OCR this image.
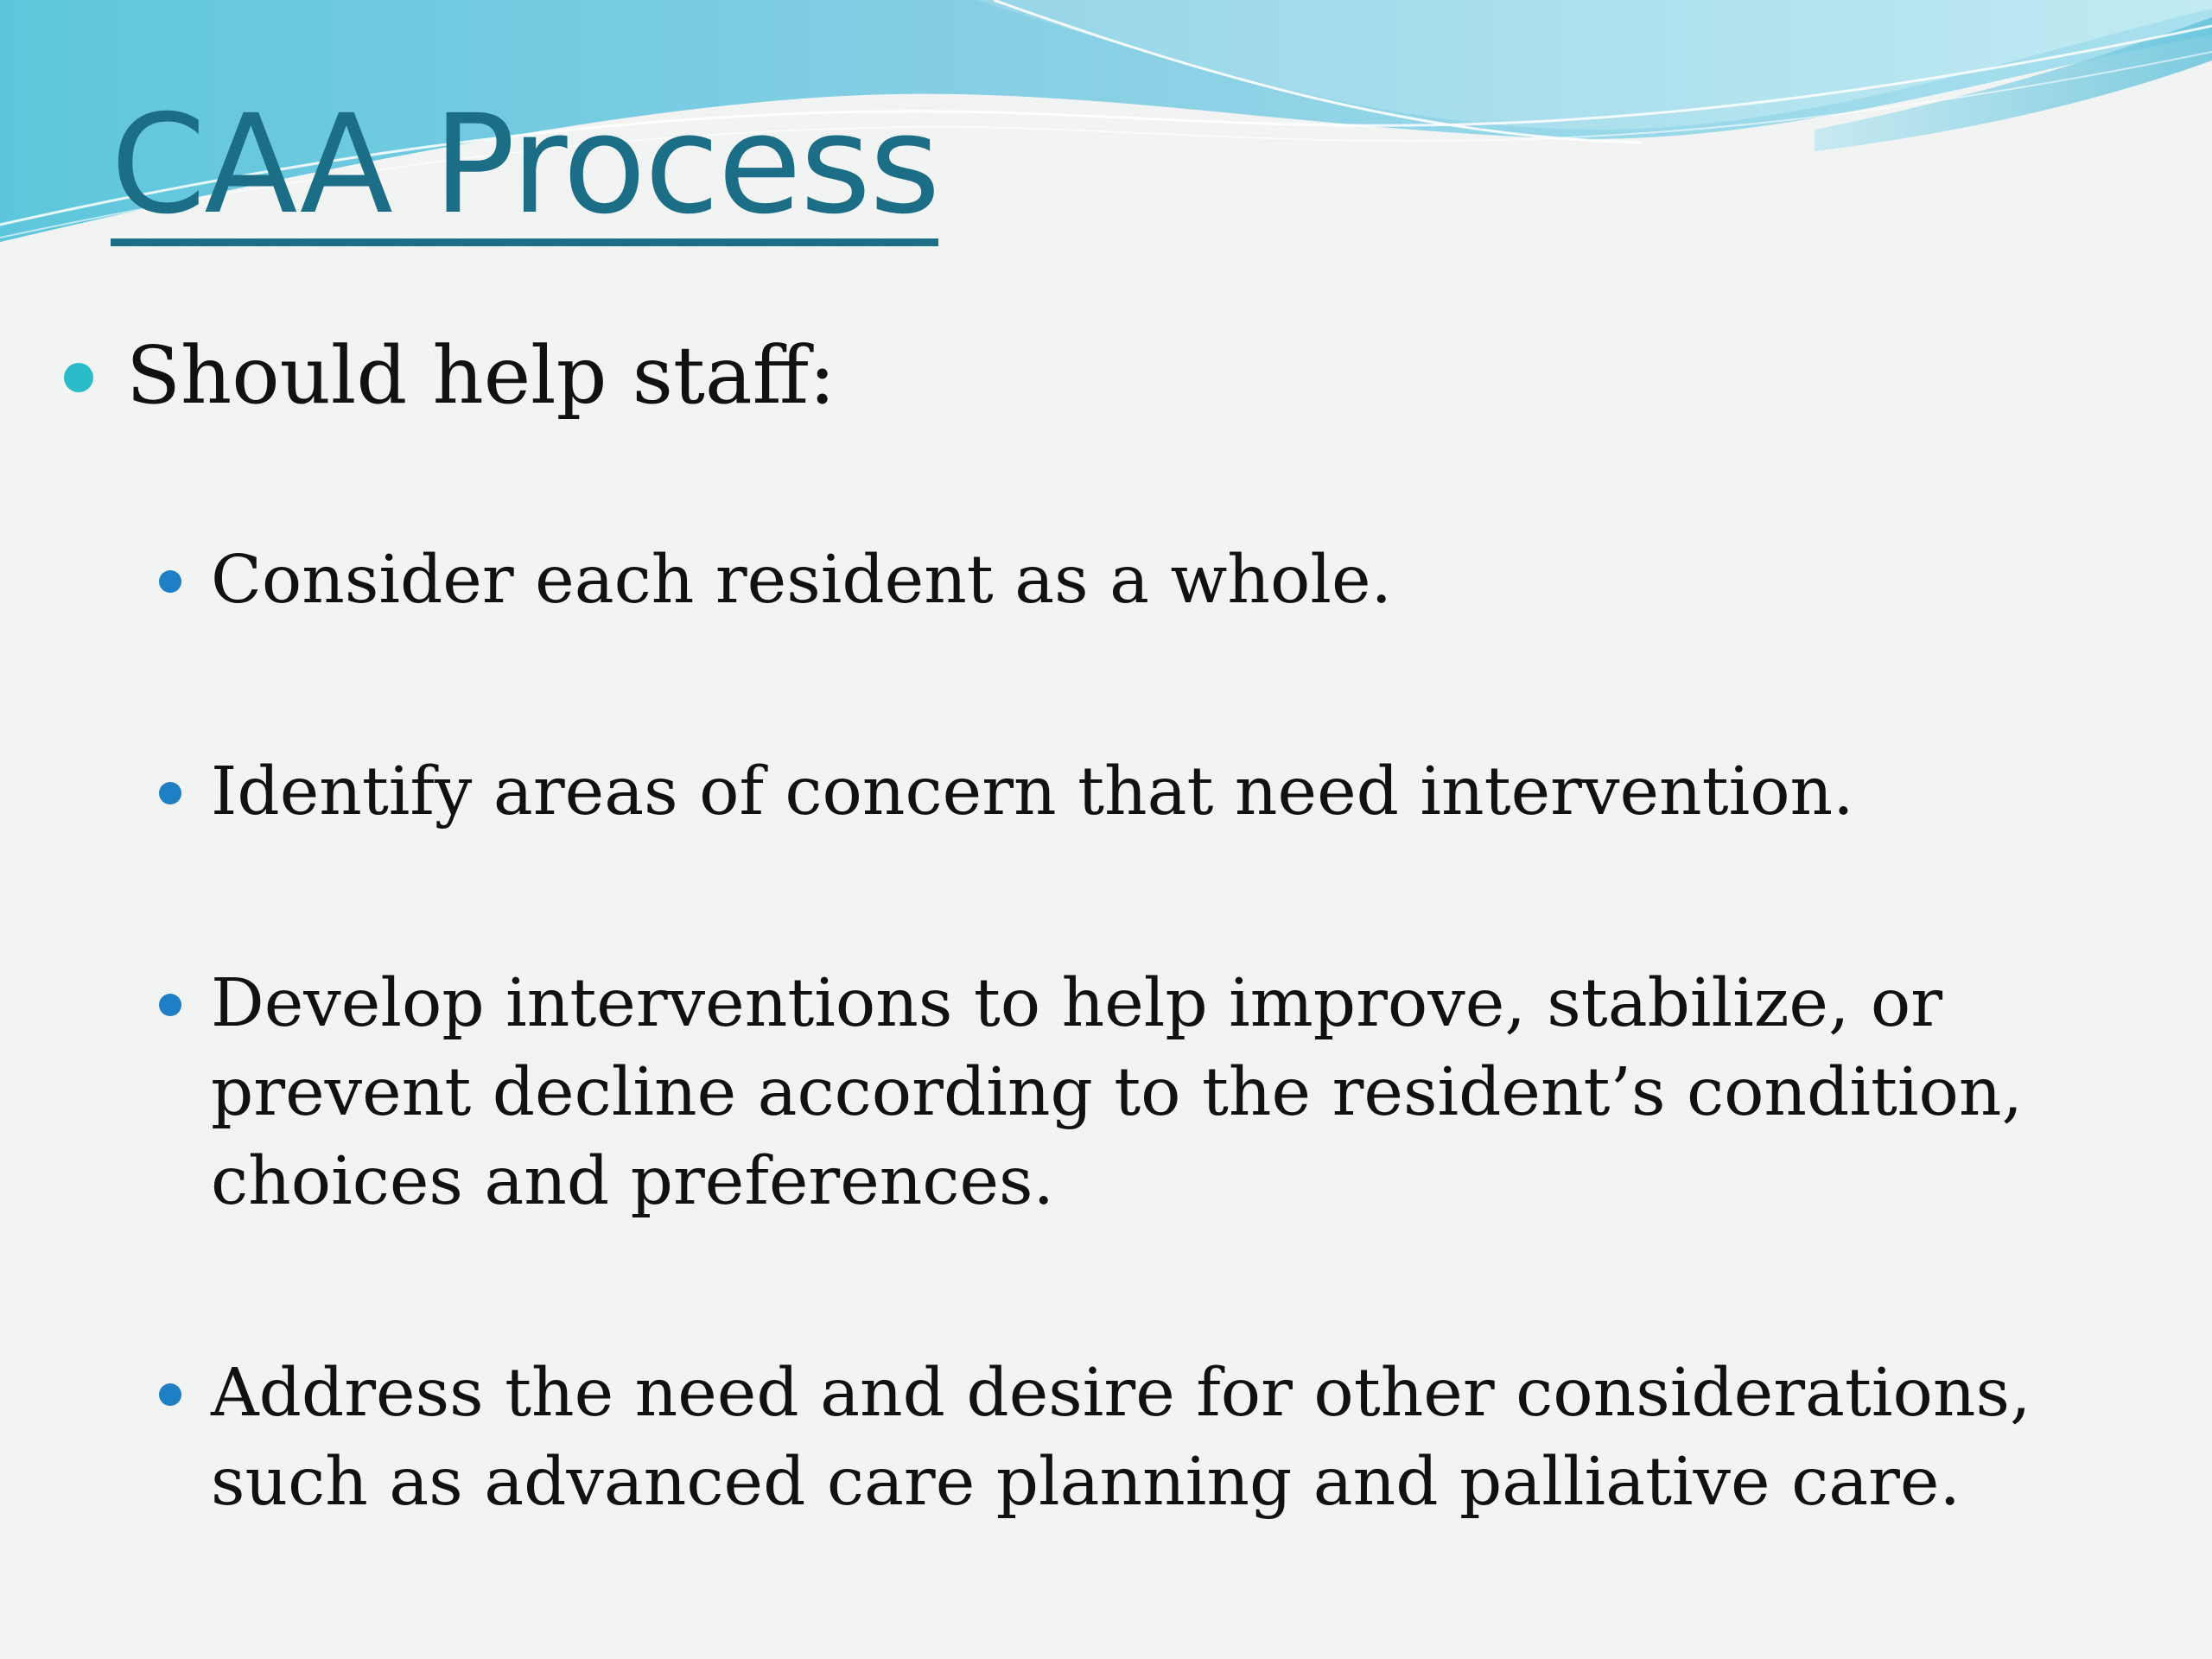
CAA Process

Should help staff:

Consider each resident as a whole.
Identify areas of concern that need intervention.
Develop interventions to help improve, stabilize, or prevent decline according to the resident’s condition, choices and preferences.
Address the need and desire for other considerations, such as advanced care planning and palliative care.
